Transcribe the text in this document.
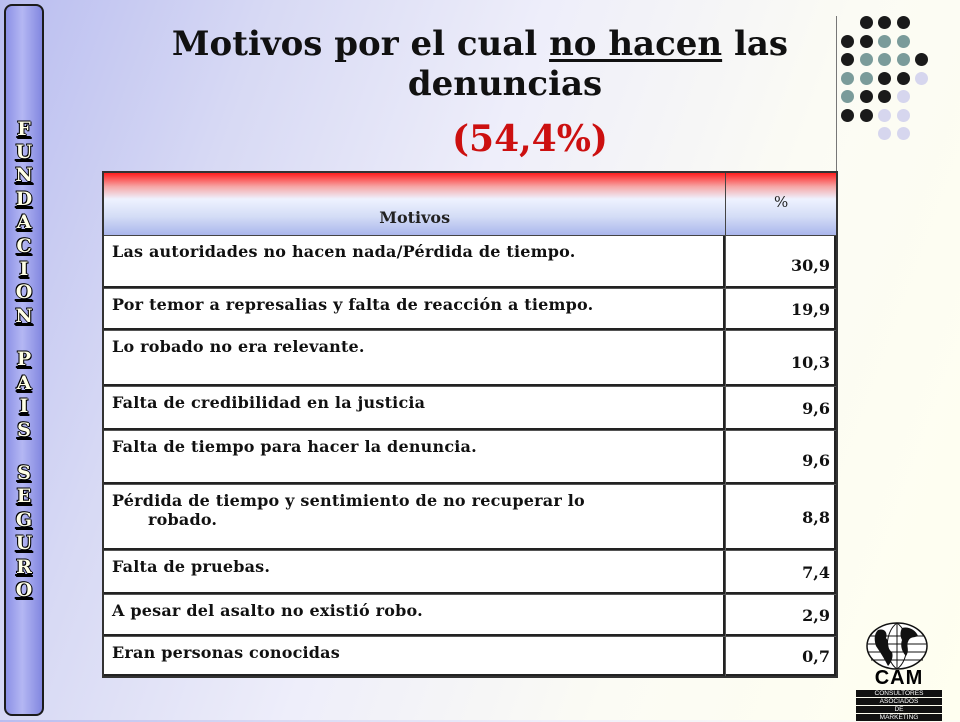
F
U
N
D
A
C
I
O
N
P
A
I
S
S
E
G
U
R
O
Motivos por el cual no hacen las
denuncias
(54,4%)
Motivos	%
Las autoridades no hacen nada/Pérdida de tiempo.	30,9
Por temor a represalias y falta de reacción a tiempo.	19,9
Lo robado no era relevante.	10,3
Falta de credibilidad en la justicia	9,6
Falta de tiempo para hacer la denuncia.	9,6
Pérdida de tiempo y sentimiento de no recuperar lo
robado.	8,8
Falta de pruebas.	7,4
A pesar del asalto no existió robo.	2,9
Eran personas conocidas	0,7
CAM
CONSULTORES
ASOCIADOS
DE
MARKETING
